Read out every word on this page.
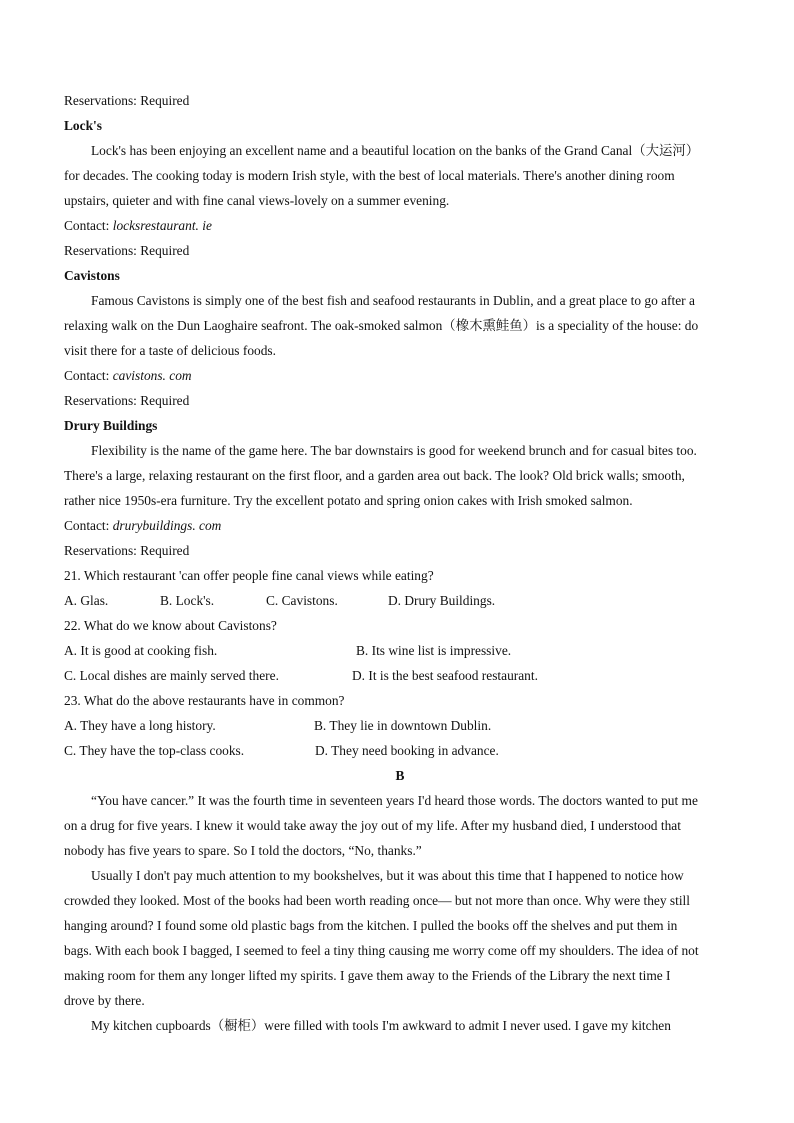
Reservations: Required
Lock's
Lock's has been enjoying an excellent name and a beautiful location on the banks of the Grand Canal（大运河）
for decades. The cooking today is modern Irish style, with the best of local materials. There's another dining room
upstairs, quieter and with fine canal views-lovely on a summer evening.
Contact: locksrestaurant. ie
Reservations: Required
Cavistons
Famous Cavistons is simply one of the best fish and seafood restaurants in Dublin, and a great place to go after a
relaxing walk on the Dun Laoghaire seafront. The oak-smoked salmon（橡木熏鲑鱼）is a speciality of the house: do
visit there for a taste of delicious foods.
Contact: cavistons. com
Reservations: Required
Drury Buildings
Flexibility is the name of the game here. The bar downstairs is good for weekend brunch and for casual bites too.
There's a large, relaxing restaurant on the first floor, and a garden area out back. The look? Old brick walls; smooth,
rather nice 1950s-era furniture. Try the excellent potato and spring onion cakes with Irish smoked salmon.
Contact: drurybuildings. com
Reservations: Required
21. Which restaurant 'can offer people fine canal views while eating?
A. Glas.	B. Lock's.	C. Cavistons.	D. Drury Buildings.
22. What do we know about Cavistons?
A. It is good at cooking fish.	B. Its wine list is impressive.
C. Local dishes are mainly served there.	D. It is the best seafood restaurant.
23. What do the above restaurants have in common?
A. They have a long history.	B. They lie in downtown Dublin.
C. They have the top-class cooks.	D. They need booking in advance.
B
“You have cancer.” It was the fourth time in seventeen years I'd heard those words. The doctors wanted to put me
on a drug for five years. I knew it would take away the joy out of my life. After my husband died, I understood that
nobody has five years to spare. So I told the doctors, “No, thanks.”
Usually I don't pay much attention to my bookshelves, but it was about this time that I happened to notice how
crowded they looked. Most of the books had been worth reading once— but not more than once. Why were they still
hanging around? I found some old plastic bags from the kitchen. I pulled the books off the shelves and put them in
bags. With each book I bagged, I seemed to feel a tiny thing causing me worry come off my shoulders. The idea of not
making room for them any longer lifted my spirits. I gave them away to the Friends of the Library the next time I
drove by there.
My kitchen cupboards（橱柜）were filled with tools I'm awkward to admit I never used. I gave my kitchen
